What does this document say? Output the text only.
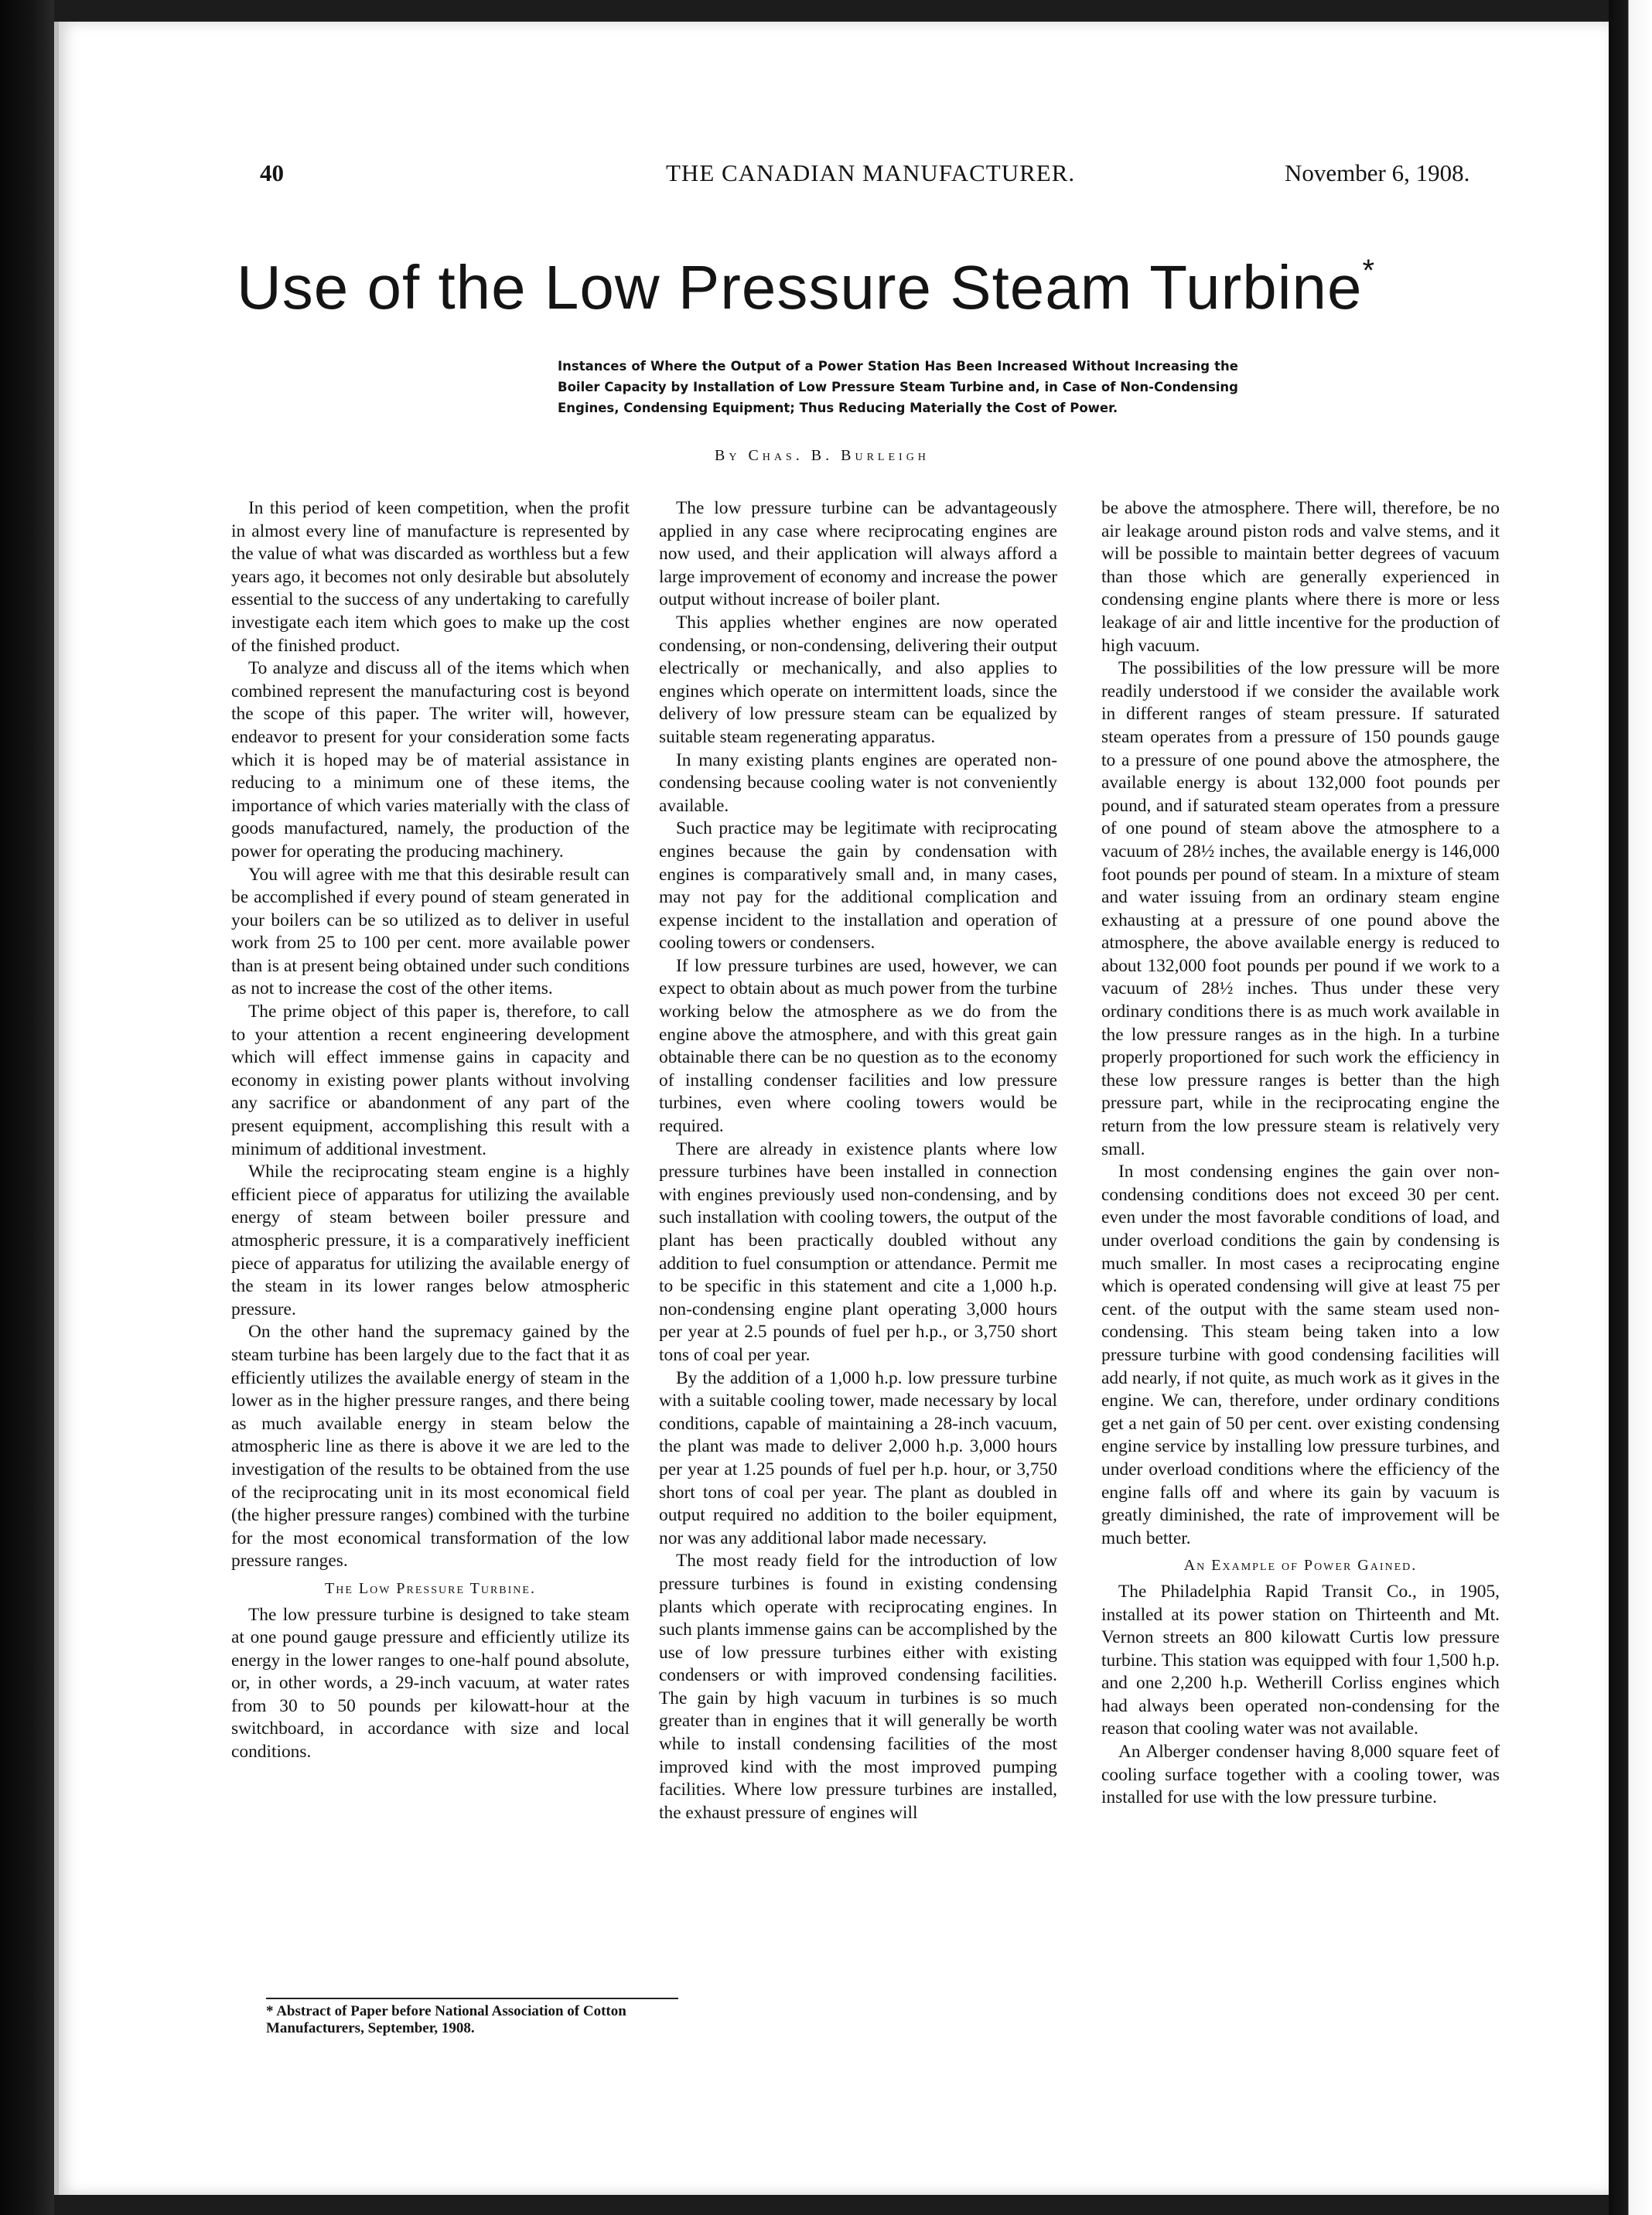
40	THE CANADIAN MANUFACTURER.	November 6, 1908.
Use of the Low Pressure Steam Turbine*
Instances of Where the Output of a Power Station Has Been Increased Without Increasing the Boiler Capacity by Installation of Low Pressure Steam Turbine and, in Case of Non-Condensing Engines, Condensing Equipment; Thus Reducing Materially the Cost of Power.
By Chas. B. Burleigh

In this period of keen competition, when the profit in almost every line of manufacture is represented by the value of what was discarded as worthless but a few years ago, it becomes not only desirable but absolutely essential to the success of any undertaking to carefully investigate each item which goes to make up the cost of the finished product.

To analyze and discuss all of the items which when combined represent the manufacturing cost is beyond the scope of this paper. The writer will, however, endeavor to present for your consideration some facts which it is hoped may be of material assistance in reducing to a minimum one of these items, the importance of which varies materially with the class of goods manufactured, namely, the production of the power for operating the producing machinery.

You will agree with me that this desirable result can be accomplished if every pound of steam generated in your boilers can be so utilized as to deliver in useful work from 25 to 100 per cent. more available power than is at present being obtained under such conditions as not to increase the cost of the other items.

The prime object of this paper is, therefore, to call to your attention a recent engineering development which will effect immense gains in capacity and economy in existing power plants without involving any sacrifice or abandonment of any part of the present equipment, accomplishing this result with a minimum of additional investment.

While the reciprocating steam engine is a highly efficient piece of apparatus for utilizing the available energy of steam between boiler pressure and atmospheric pressure, it is a comparatively inefficient piece of apparatus for utilizing the available energy of the steam in its lower ranges below atmospheric pressure.

On the other hand the supremacy gained by the steam turbine has been largely due to the fact that it as efficiently utilizes the available energy of steam in the lower as in the higher pressure ranges, and there being as much available energy in steam below the atmospheric line as there is above it we are led to the investigation of the results to be obtained from the use of the reciprocating unit in its most economical field (the higher pressure ranges) combined with the turbine for the most economical transformation of the low pressure ranges.

The Low Pressure Turbine.

The low pressure turbine is designed to take steam at one pound gauge pressure and efficiently utilize its energy in the lower ranges to one-half pound absolute, or, in other words, a 29-inch vacuum, at water rates from 30 to 50 pounds per kilowatt-hour at the switchboard, in accordance with size and local conditions.

The low pressure turbine can be advantageously applied in any case where reciprocating engines are now used, and their application will always afford a large improvement of economy and increase the power output without increase of boiler plant.

This applies whether engines are now operated condensing, or non-condensing, delivering their output electrically or mechanically, and also applies to engines which operate on intermittent loads, since the delivery of low pressure steam can be equalized by suitable steam regenerating apparatus.

In many existing plants engines are operated non-condensing because cooling water is not conveniently available.

Such practice may be legitimate with reciprocating engines because the gain by condensation with engines is comparatively small and, in many cases, may not pay for the additional complication and expense incident to the installation and operation of cooling towers or condensers.

If low pressure turbines are used, however, we can expect to obtain about as much power from the turbine working below the atmosphere as we do from the engine above the atmosphere, and with this great gain obtainable there can be no question as to the economy of installing condenser facilities and low pressure turbines, even where cooling towers would be required.

There are already in existence plants where low pressure turbines have been installed in connection with engines previously used non-condensing, and by such installation with cooling towers, the output of the plant has been practically doubled without any addition to fuel consumption or attendance. Permit me to be specific in this statement and cite a 1,000 h.p. non-condensing engine plant operating 3,000 hours per year at 2.5 pounds of fuel per h.p., or 3,750 short tons of coal per year.

By the addition of a 1,000 h.p. low pressure turbine with a suitable cooling tower, made necessary by local conditions, capable of maintaining a 28-inch vacuum, the plant was made to deliver 2,000 h.p. 3,000 hours per year at 1.25 pounds of fuel per h.p. hour, or 3,750 short tons of coal per year. The plant as doubled in output required no addition to the boiler equipment, nor was any additional labor made necessary.

The most ready field for the introduction of low pressure turbines is found in existing condensing plants which operate with reciprocating engines. In such plants immense gains can be accomplished by the use of low pressure turbines either with existing condensers or with improved condensing facilities. The gain by high vacuum in turbines is so much greater than in engines that it will generally be worth while to install condensing facilities of the most improved kind with the most improved pumping facilities. Where low pressure turbines are installed, the exhaust pressure of engines will

be above the atmosphere. There will, therefore, be no air leakage around piston rods and valve stems, and it will be possible to maintain better degrees of vacuum than those which are generally experienced in condensing engine plants where there is more or less leakage of air and little incentive for the production of high vacuum.

The possibilities of the low pressure will be more readily understood if we consider the available work in different ranges of steam pressure. If saturated steam operates from a pressure of 150 pounds gauge to a pressure of one pound above the atmosphere, the available energy is about 132,000 foot pounds per pound, and if saturated steam operates from a pressure of one pound of steam above the atmosphere to a vacuum of 28½ inches, the available energy is 146,000 foot pounds per pound of steam. In a mixture of steam and water issuing from an ordinary steam engine exhausting at a pressure of one pound above the atmosphere, the above available energy is reduced to about 132,000 foot pounds per pound if we work to a vacuum of 28½ inches. Thus under these very ordinary conditions there is as much work available in the low pressure ranges as in the high. In a turbine properly proportioned for such work the efficiency in these low pressure ranges is better than the high pressure part, while in the reciprocating engine the return from the low pressure steam is relatively very small.

In most condensing engines the gain over non-condensing conditions does not exceed 30 per cent. even under the most favorable conditions of load, and under overload conditions the gain by condensing is much smaller. In most cases a reciprocating engine which is operated condensing will give at least 75 per cent. of the output with the same steam used non-condensing. This steam being taken into a low pressure turbine with good condensing facilities will add nearly, if not quite, as much work as it gives in the engine. We can, therefore, under ordinary conditions get a net gain of 50 per cent. over existing condensing engine service by installing low pressure turbines, and under overload conditions where the efficiency of the engine falls off and where its gain by vacuum is greatly diminished, the rate of improvement will be much better.

An Example of Power Gained.

The Philadelphia Rapid Transit Co., in 1905, installed at its power station on Thirteenth and Mt. Vernon streets an 800 kilowatt Curtis low pressure turbine. This station was equipped with four 1,500 h.p. and one 2,200 h.p. Wetherill Corliss engines which had always been operated non-condensing for the reason that cooling water was not available.

An Alberger condenser having 8,000 square feet of cooling surface together with a cooling tower, was installed for use with the low pressure turbine.

* Abstract of Paper before National Association of Cotton Manufacturers, September, 1908.
